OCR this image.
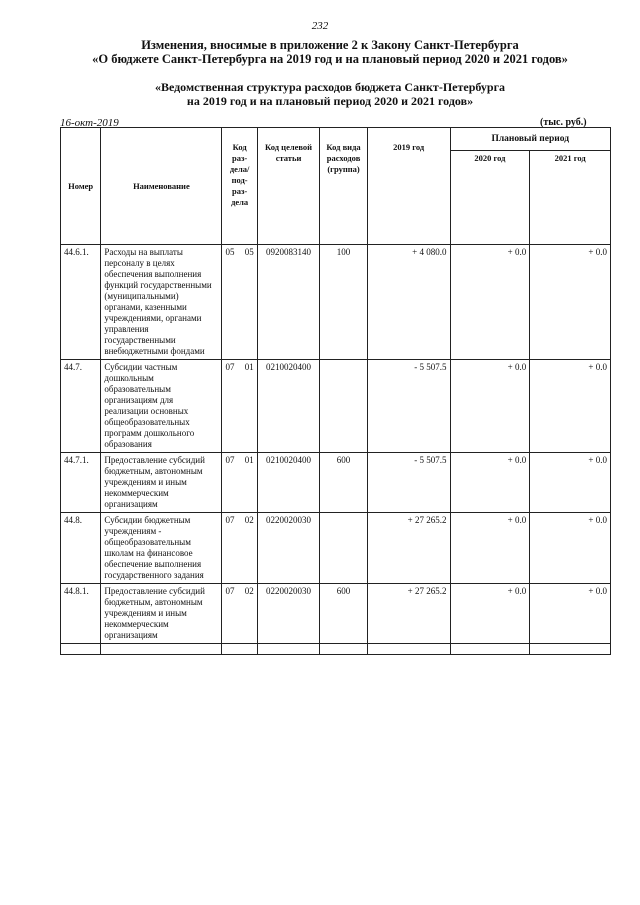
232
Изменения, вносимые в приложение 2 к Закону Санкт-Петербурга
«О бюджете Санкт-Петербурга на 2019 год и на плановый период 2020 и 2021 годов»
«Ведомственная структура расходов бюджета Санкт-Петербурга
на 2019 год и на плановый период 2020 и 2021 годов»
16-окт-2019	(тыс. руб.)
Номер	Наименование	Код раз-дела/ под-раз-дела	Код целевой статьи	Код вида расходов (группа)	2019 год	Плановый период	
						2020 год	2021 год
44.6.1.	Расходы на выплаты персоналу в целях обеспечения выполнения функций государственными (муниципальными) органами, казенными учреждениями, органами управления государственными внебюджетными фондами	05 05	0920083140	100	+ 4 080.0	+ 0.0	+ 0.0
44.7.	Субсидии частным дошкольным образовательным организациям для реализации основных общеобразовательных программ дошкольного образования	07 01	0210020400		- 5 507.5	+ 0.0	+ 0.0
44.7.1.	Предоставление субсидий бюджетным, автономным учреждениям и иным некоммерческим организациям	07 01	0210020400	600	- 5 507.5	+ 0.0	+ 0.0
44.8.	Субсидии бюджетным учреждениям - общеобразовательным школам на финансовое обеспечение выполнения государственного задания	07 02	0220020030		+ 27 265.2	+ 0.0	+ 0.0
44.8.1.	Предоставление субсидий бюджетным, автономным учреждениям и иным некоммерческим организациям	07 02	0220020030	600	+ 27 265.2	+ 0.0	+ 0.0
